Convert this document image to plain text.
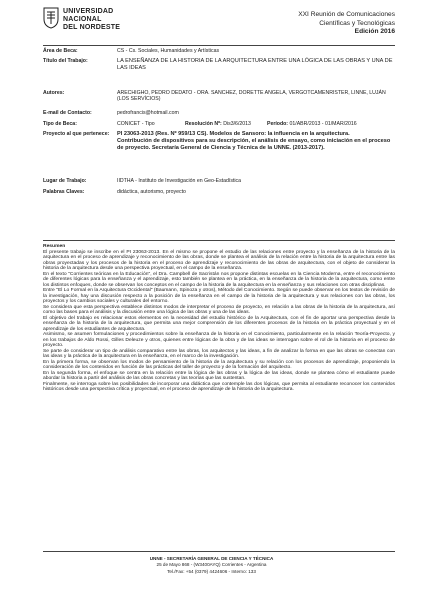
UNIVERSIDAD
NACIONAL
DEL NORDESTE
XXI Reunión de Comunicaciones
Científicas y Tecnológicas
Edición 2016
Área de Beca:	CS - Cs. Sociales, Humanidades y Artísticas
Título del Trabajo:	LA ENSEÑANZA DE LA HISTORIA DE LA ARQUITECTURA ENTRE UNA LÓGICA DE LAS OBRAS Y UNA DE LAS IDEAS
Autores:	ARECHIGHO, PEDRO DEDATO - ORA. SANCHEZ, DORETTE ANGELA, VERGOTCAMENRISTER, LINNE, LUJÁN (LOS SERVÍCIOS)
E-mail de Contacto:	pedrofrancis@hotmail.com
Tipo de Beca:	CONICET - Tipo	Resolución Nº: Dis3/6/2013	Período: 01/ABR/2013 - 01/MAR/2016
Proyecto al que pertenece:	PI 23063-2013 (Res. Nº 959/13 CS). Modelos de Sansoro: la influencia en la arquitectura.
Contribución de dispositivos para su descripción, el análisis de ensayo, como iniciación en el proceso de proyecto. Secretaría General de Ciencia y Técnica de la UNNE. (2013-2017).
Lugar de Trabajo:	IIDTHA - Instituto de Investigación en Geo-Estadística
Palabras Claves:	didáctica, autorismo, proyecto
Resumen

El presente trabajo se inscribe en el PI 23063-2013. En el mismo se propone el estudio de las relaciones entre proyecto y la enseñanza de la historia de la arquitectura en el proceso de aprendizaje y reconocimiento de las obras, donde se plantea el análisis de la relación entre la historia de la arquitectura entre las obras proyectadas y los procesos de la historia en el proceso de aprendizaje y reconocimiento de las obras de arquitectura, con el objeto de considerar la historia de la arquitectura desde una perspectiva proyectual, en el campo de la enseñanza.

En el texto "Corrientes teóricas en la Educación", el Dra. Campbell de Sacristán nos propone distintas escuelas en la Ciencia Moderna, entre el reconocimiento de diferentes lógicas para la enseñanza y el aprendizaje, esto también se plantea en la práctica, en la enseñanza de la historia de la arquitectura, como entre los distintos enfoques, donde se observan los conceptos en el campo de la historia de la arquitectura en la enseñanza y sus relaciones con otras disciplinas.

Entre "El Lo Formal en la Arquitectura Occidental" (Baumann, Spinoza y otros), Método del Conocimiento. Según se puede observar en los textos de revisión de la investigación, hay una discusión respecto a la posición de la enseñanza en el campo de la historia de la arquitectura y sus relaciones con las obras, los proyectos y los cambios sociales y culturales del entorno.

Se considera que esta perspectiva establece distintos modos de interpretar el proceso de proyecto, en relación a las obras de la historia de la arquitectura, así como las bases para el análisis y la discusión entre una lógica de las obras y una de las ideas.

El objetivo del trabajo es relacionar estos elementos en la necesidad del estudio histórico de la Arquitectura, con el fin de aportar una perspectiva desde la enseñanza de la historia de la arquitectura, que permita una mejor comprensión de los diferentes procesos de la historia en la práctica proyectual y en el aprendizaje de los estudiantes de arquitectura.

Asimismo, se asumen formulaciones y procedimientos sobre la enseñanza de la historia en el Conocimiento, particularmente en la relación Teoría-Proyecto, y en los trabajos de Aldo Rossi, Gilles Deleuze y otros, quienes entre lógicas de la obra y de las ideas se interrogan sobre el rol de la historia en el proceso de proyecto.

Se parte de considerar un tipo de análisis comparativo entre las obras, los arquitectos y las ideas, a fin de analizar la forma en que las obras se conectan con las ideas y la práctica de la arquitectura en la enseñanza, en el marco de la investigación.

En la primera forma, se observan los modos de pensamiento de la historia de la arquitectura y su relación con los procesos de aprendizaje, proponiendo la consideración de los contenidos en función de las prácticas del taller de proyecto y de la formación del arquitecto.

En la segunda forma, el enfoque se centra en la relación entre la lógica de las obras y la lógica de las ideas, donde se plantea cómo el estudiante puede abordar la historia a partir del análisis de las obras concretas y las teorías que las sustentan.

Finalmente, se interroga sobre las posibilidades de incorporar una didáctica que contemple las dos lógicas, que permita al estudiante reconocer los contenidos históricos desde una perspectiva crítica y proyectual, en el proceso de aprendizaje de la historia de la arquitectura.

UNNE - SECRETARÍA GENERAL DE CIENCIA Y TÉCNICA
25 de Mayo 868 - (W3400AYQ) Corrientes - Argentina
Tel./Fax: +54 (0379) 4424606 - Interno: 133
